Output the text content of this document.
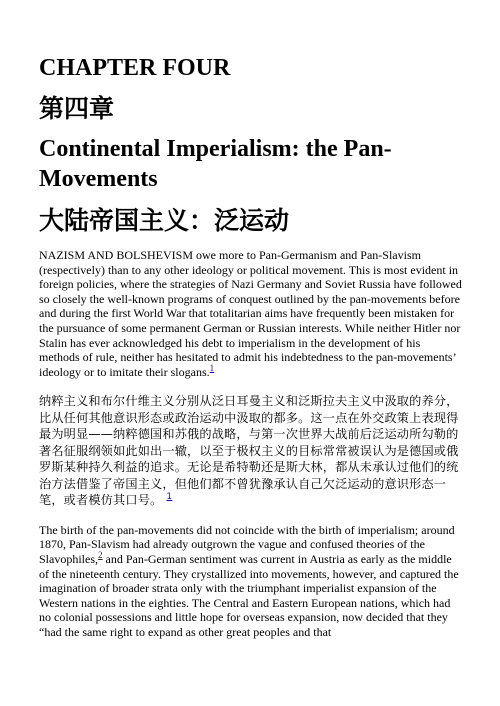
CHAPTER FOUR
第四章
Continental Imperialism: the Pan-Movements
大陆帝国主义：泛运动

NAZISM AND BOLSHEVISM owe more to Pan-Germanism and Pan-Slavism (respectively) than to any other ideology or political movement. This is most evident in foreign policies, where the strategies of Nazi Germany and Soviet Russia have followed so closely the well-known programs of conquest outlined by the pan-movements before and during the first World War that totalitarian aims have frequently been mistaken for the pursuance of some permanent German or Russian interests. While neither Hitler nor Stalin has ever acknowledged his debt to imperialism in the development of his methods of rule, neither has hesitated to admit his indebtedness to the pan-movements’ ideology or to imitate their slogans.$^1$

纳粹主义和布尔什维主义分别从泛日耳曼主义和泛斯拉夫主义中汲取的养分，比从任何其他意识形态或政治运动中汲取的都多。这一点在外交政策上表现得最为明显——纳粹德国和苏俄的战略，与第一次世界大战前后泛运动所勾勒的著名征服纲领如此如出一辙，以至于极权主义的目标常常被误认为是德国或俄罗斯某种持久利益的追求。无论是希特勒还是斯大林，都从未承认过他们的统治方法借鉴了帝国主义，但他们都不曾犹豫承认自己欠泛运动的意识形态一笔，或者模仿其口号。 $^1$

The birth of the pan-movements did not coincide with the birth of imperialism; around 1870, Pan-Slavism had already outgrown the vague and confused theories of the Slavophiles,$^2$ and Pan-German sentiment was current in Austria as early as the middle of the nineteenth century. They crystallized into movements, however, and captured the imagination of broader strata only with the triumphant imperialist expansion of the Western nations in the eighties. The Central and Eastern European nations, which had no colonial possessions and little hope for overseas expansion, now decided that they “had the same right to expand as other great peoples and that
